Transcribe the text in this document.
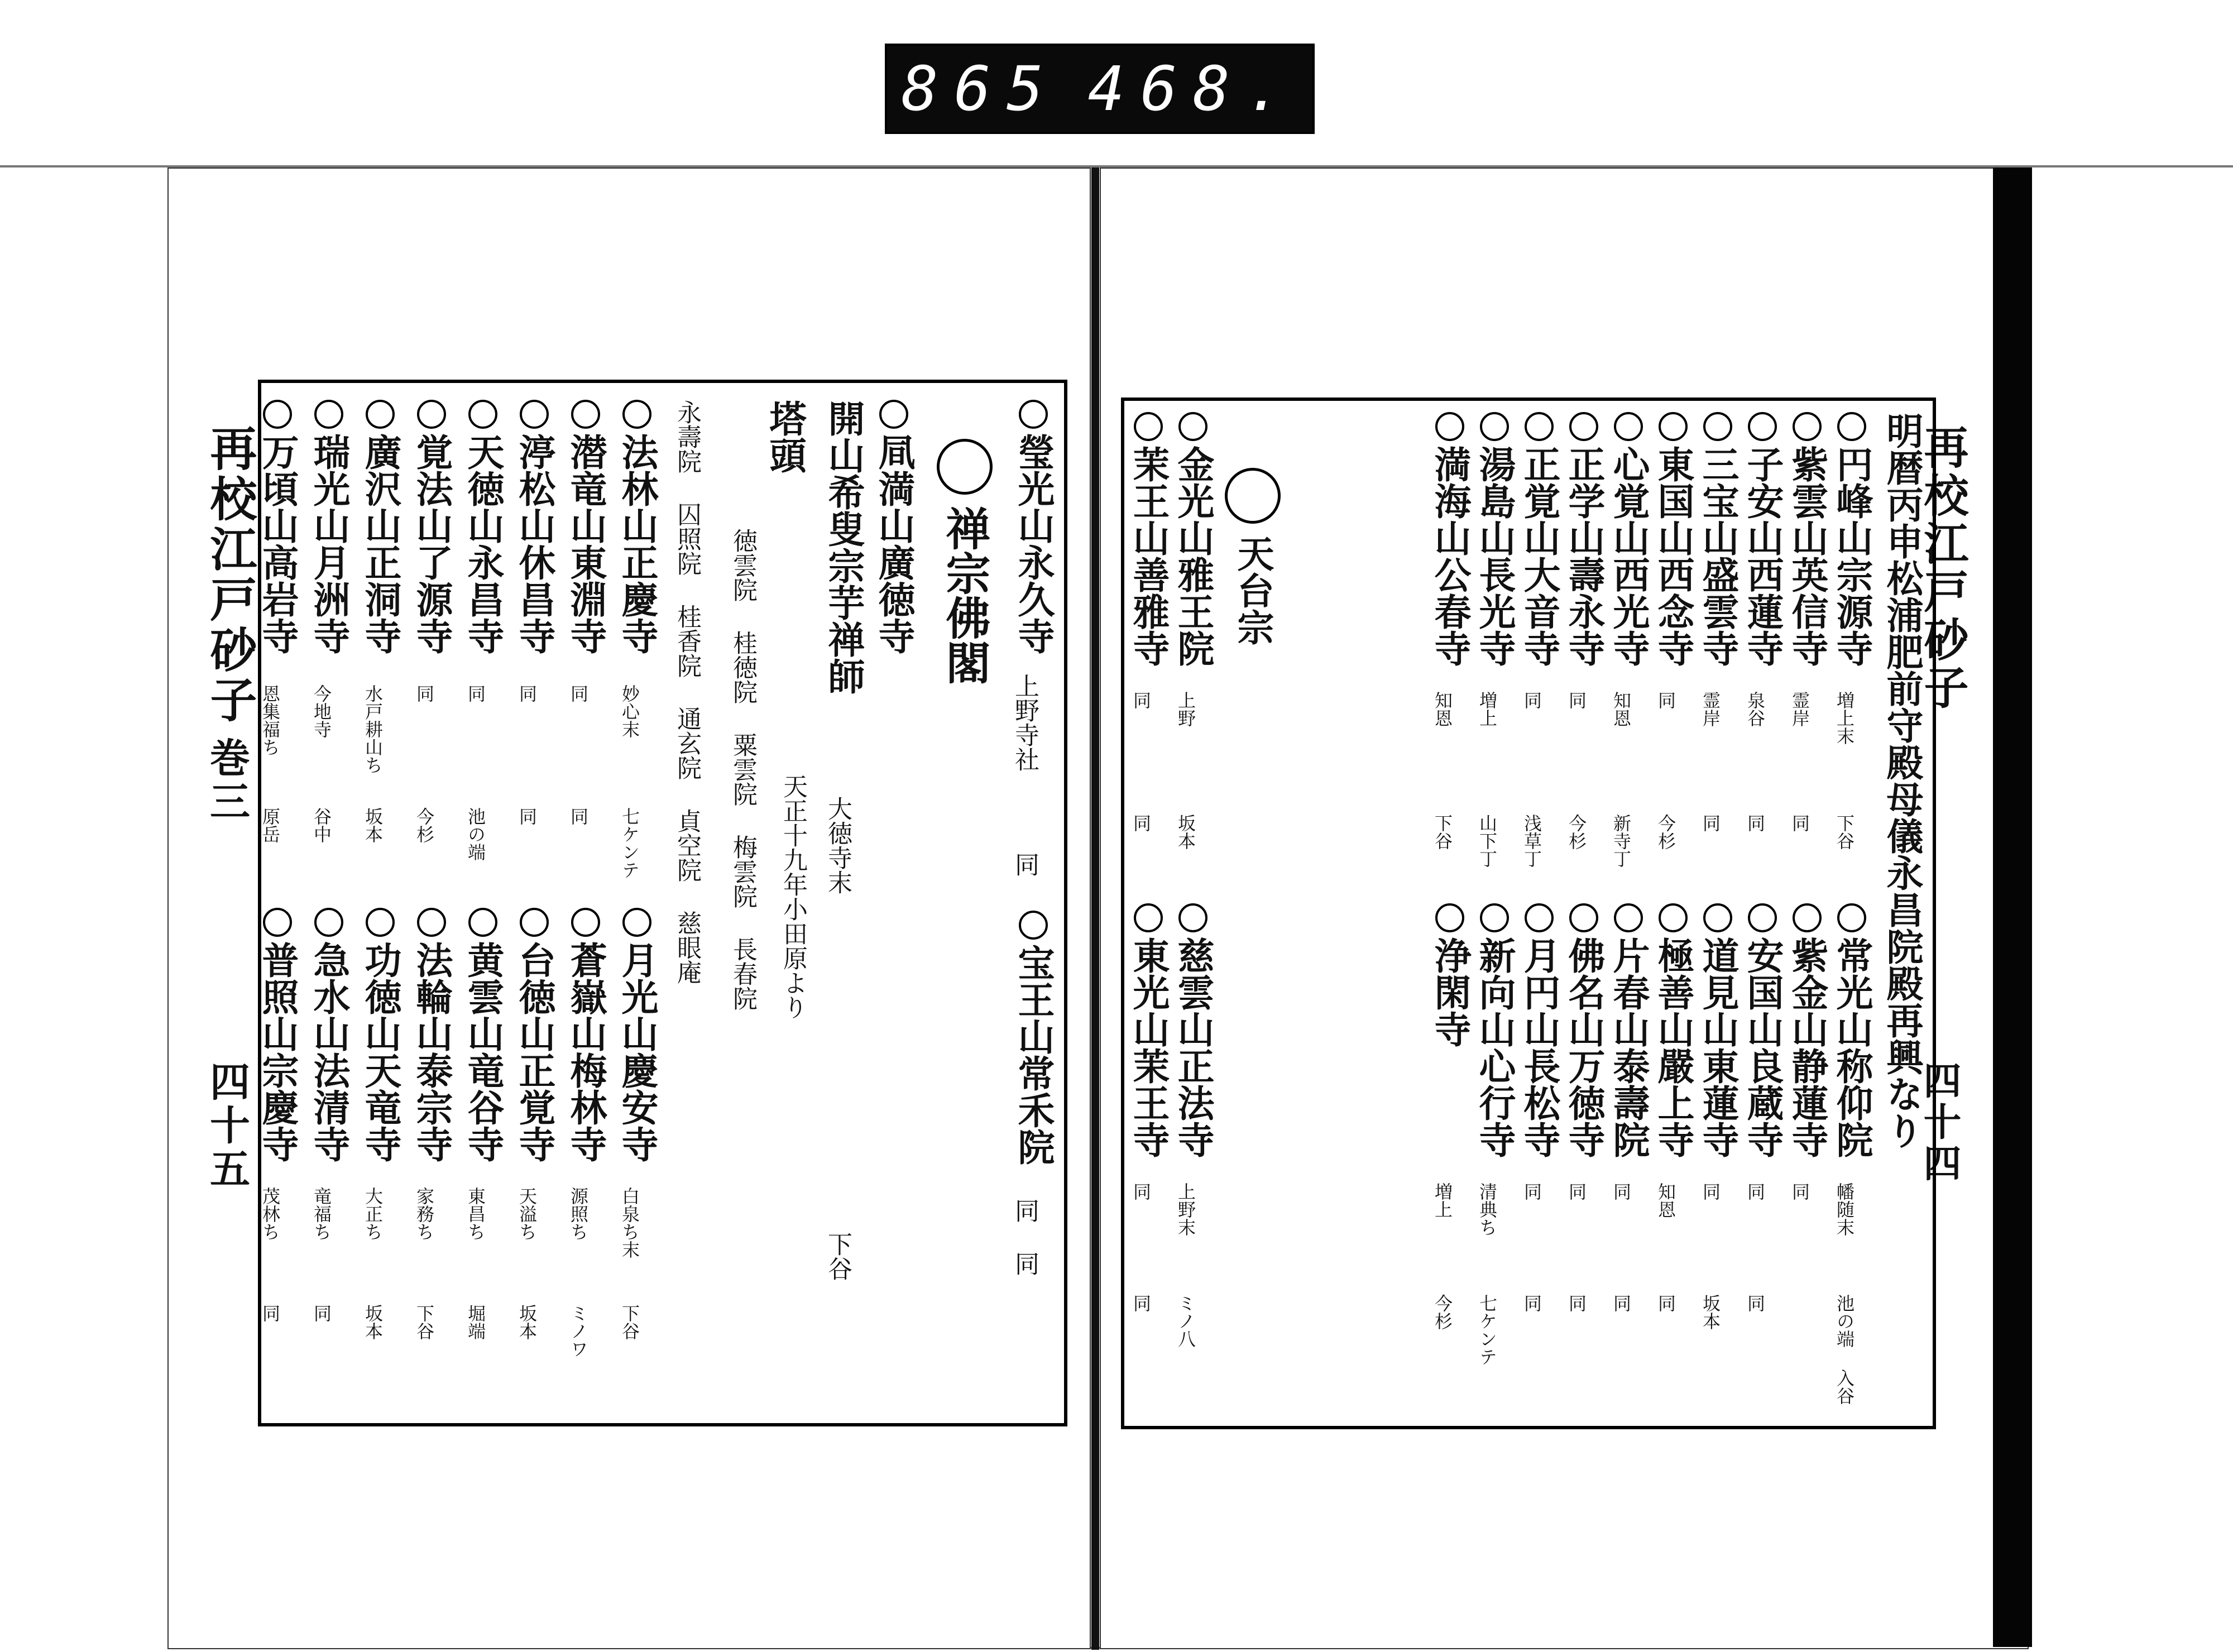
865 468.
再校江戸砂子
巻三
四十五
再校江戸砂子
四十四
瑩光山永久寺
上野寺社
同
宝王山常禾院
同 同
禅宗佛閣
凬満山廣徳寺
大徳寺末
下谷
開山希叟宗芋禅師
天正十九年小田原より
塔頭
徳雲院 桂徳院 粟雲院 梅雲院 長春院
永壽院 囚照院 桂香院 通玄院 貞空院 慈眼庵
法林山正慶寺
妙心末
七ケンテ
潜竜山東淵寺
同
同
渟松山休昌寺
同
同
天徳山永昌寺
同
池の端
覚法山了源寺
同
今杉
廣沢山正洞寺
水戸耕山ち
坂本
瑞光山月洲寺
今地寺
谷中
万頃山高岩寺
恩集福ち
原岳
月光山慶安寺
白泉ち末
下谷
蒼嶽山梅林寺
源照ち
ミノワ
台徳山正覚寺
天溢ち
坂本
黄雲山竜谷寺
東昌ち
堀端
法輪山泰宗寺
家務ち
下谷
功徳山天竜寺
大正ち
坂本
急水山法清寺
竜福ち
同
普照山宗慶寺
茂林ち
同
明暦丙申松浦肥前守殿母儀永昌院殿再興なり
円峰山宗源寺
増上末
下谷
紫雲山英信寺
霊岸
同
子安山西蓮寺
泉谷
同
三宝山盛雲寺
霊岸
同
東国山西念寺
同
今杉
心覚山西光寺
知恩
新寺丁
正学山壽永寺
同
今杉
正覚山大音寺
同
浅草丁
湯島山長光寺
増上
山下丁
満海山公春寺
知恩
下谷
常光山称仰院
幡随末
池の端 入谷
紫金山静蓮寺
同
安国山良蔵寺
同
同
道見山東蓮寺
同
坂本
極善山嚴上寺
知恩
同
片春山泰壽院
同
同
佛名山万徳寺
同
同
月円山長松寺
同
同
新向山心行寺
清典ち
七ケンテ
浄閑寺
増上
今杉
天台宗
金光山雅王院
上野
坂本
茉王山善雅寺
同
同
慈雲山正法寺
上野末
ミノ八
東光山茉王寺
同
同
